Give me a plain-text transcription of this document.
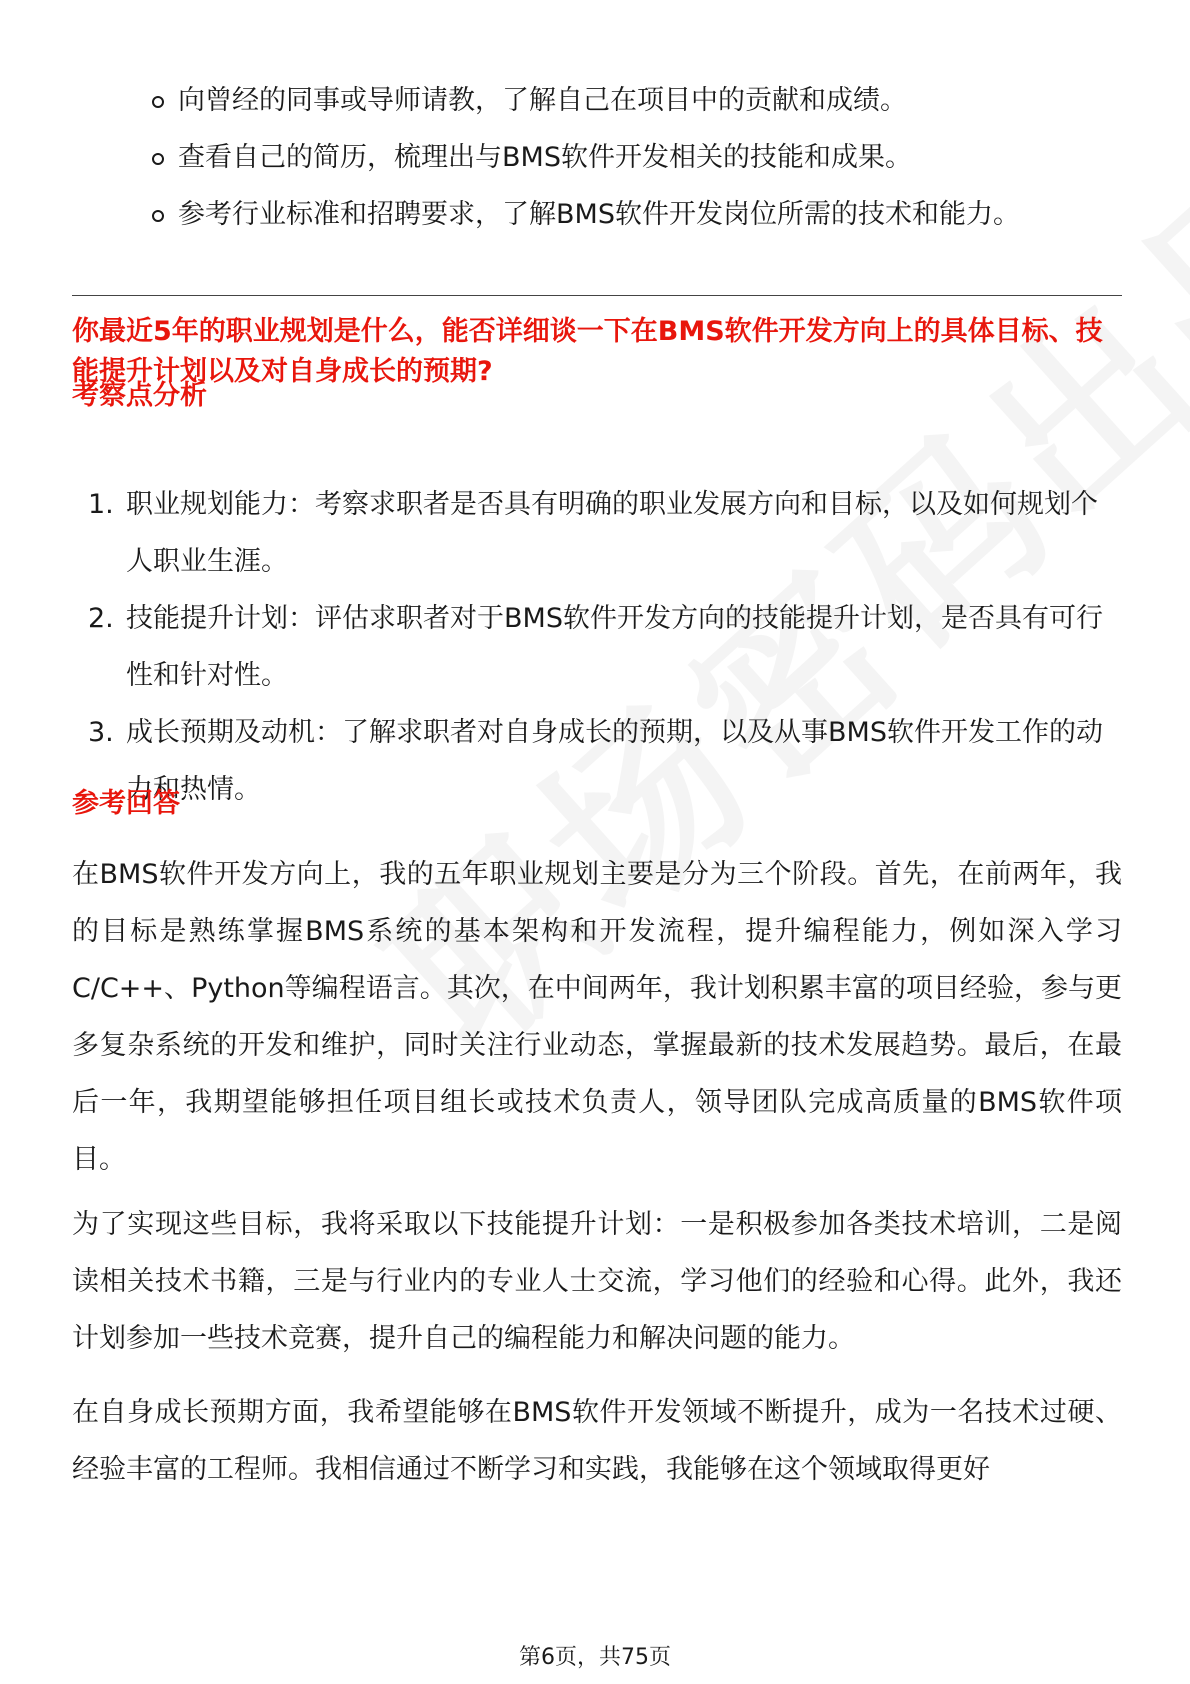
向曾经的同事或导师请教，了解自己在项目中的贡献和成绩。
查看自己的简历，梳理出与BMS软件开发相关的技能和成果。
参考行业标准和招聘要求，了解BMS软件开发岗位所需的技术和能力。
你最近5年的职业规划是什么，能否详细谈一下在BMS软件开发方向上的具体目标、技能提升计划以及对自身成长的预期?
考察点分析
1. 职业规划能力：考察求职者是否具有明确的职业发展方向和目标，以及如何规划个人职业生涯。
2. 技能提升计划：评估求职者对于BMS软件开发方向的技能提升计划，是否具有可行性和针对性。
3. 成长预期及动机：了解求职者对自身成长的预期，以及从事BMS软件开发工作的动力和热情。
参考回答
在BMS软件开发方向上，我的五年职业规划主要是分为三个阶段。首先，在前两年，我的目标是熟练掌握BMS系统的基本架构和开发流程，提升编程能力，例如深入学习C/C++、Python等编程语言。其次，在中间两年，我计划积累丰富的项目经验，参与更多复杂系统的开发和维护，同时关注行业动态，掌握最新的技术发展趋势。最后，在最后一年，我期望能够担任项目组长或技术负责人，领导团队完成高质量的BMS软件项目。
为了实现这些目标，我将采取以下技能提升计划：一是积极参加各类技术培训，二是阅读相关技术书籍，三是与行业内的专业人士交流，学习他们的经验和心得。此外，我还计划参加一些技术竞赛，提升自己的编程能力和解决问题的能力。
在自身成长预期方面，我希望能够在BMS软件开发领域不断提升，成为一名技术过硬、经验丰富的工程师。我相信通过不断学习和实践，我能够在这个领域取得更好
第6页，共75页
